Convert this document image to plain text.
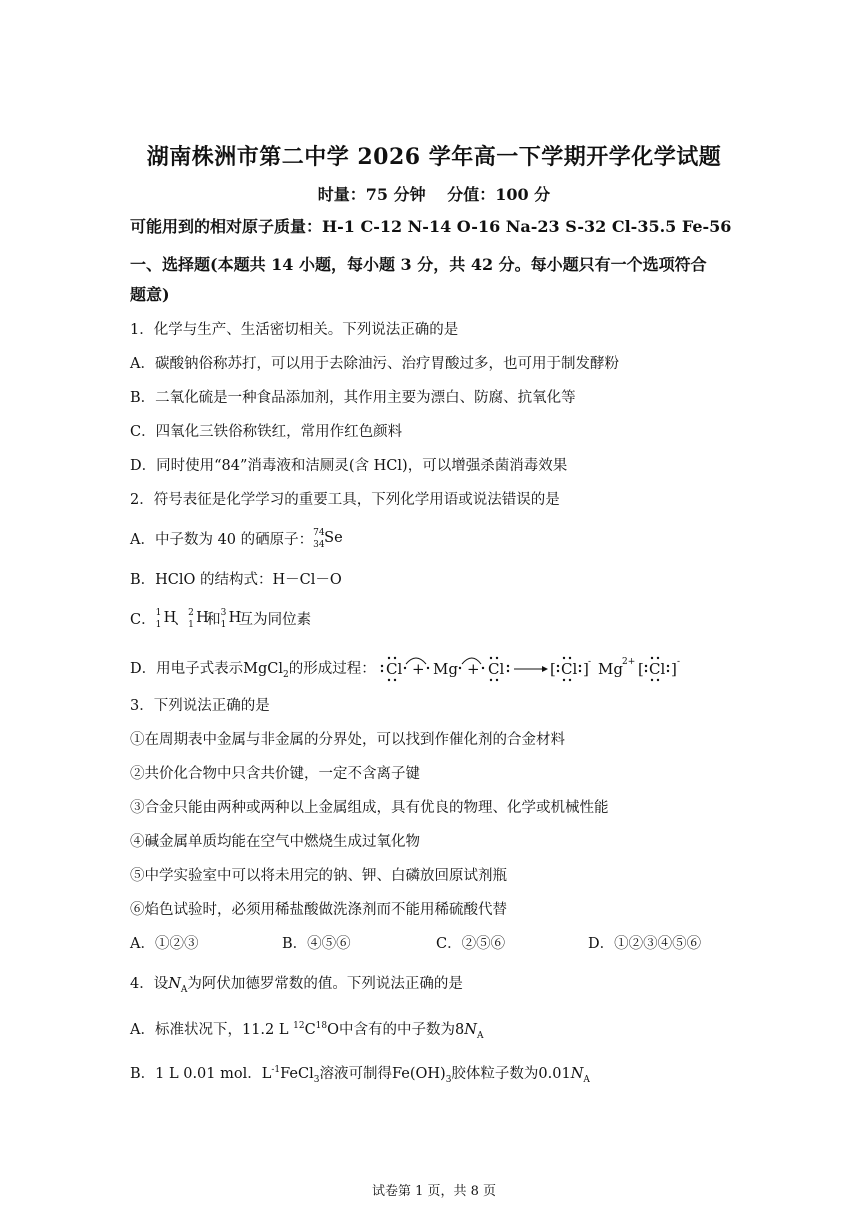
湖南株洲市第二中学 2026 学年高一下学期开学化学试题
时量：75 分钟　 分值：100 分
可能用到的相对原子质量：H-1 C-12 N-14 O-16 Na-23 S-32 Cl-35.5 Fe-56
一、选择题(本题共 14 小题，每小题 3 分，共 42 分。每小题只有一个选项符合
题意)
1．化学与生产、生活密切相关。下列说法正确的是
A．碳酸钠俗称苏打，可以用于去除油污、治疗胃酸过多，也可用于制发酵粉
B．二氧化硫是一种食品添加剂，其作用主要为漂白、防腐、抗氧化等
C．四氧化三铁俗称铁红，常用作红色颜料
D．同时使用“84”消毒液和洁厕灵(含 HCl)，可以增强杀菌消毒效果
2．符号表征是化学学习的重要工具，下列化学用语或说法错误的是
A．中子数为 40 的硒原子： 74
34 Se
B．HClO 的结构式：H－Cl－O
C． 1
1 H
、 2
1 H
和 3
1 H
互为同位素
D．用电子式表示MgCl$_2$的形成过程： Cl + Mg + Cl	[ Cl ] - Mg 2+ [ Cl ] -
3．下列说法正确的是
①在周期表中金属与非金属的分界处，可以找到作催化剂的合金材料
②共价化合物中只含共价键，一定不含离子键
③合金只能由两种或两种以上金属组成，具有优良的物理、化学或机械性能
④碱金属单质均能在空气中燃烧生成过氧化物
⑤中学实验室中可以将未用完的钠、钾、白磷放回原试剂瓶
⑥焰色试验时，必须用稀盐酸做洗涤剂而不能用稀硫酸代替
A．①②③	B．④⑤⑥	C．②⑤⑥	D．①②③④⑤⑥
4．设$N_A$为阿伏加德罗常数的值。下列说法正确的是
A．标准状况下，11.2 L $^{12}C^{18}O$中含有的中子数为$8N_A$
B．1 L 0.01 mol．$L^{-1}FeCl_3$溶液可制得$Fe(OH)_3$胶体粒子数为$0.01N_A$
试卷第 1 页，共 8 页
